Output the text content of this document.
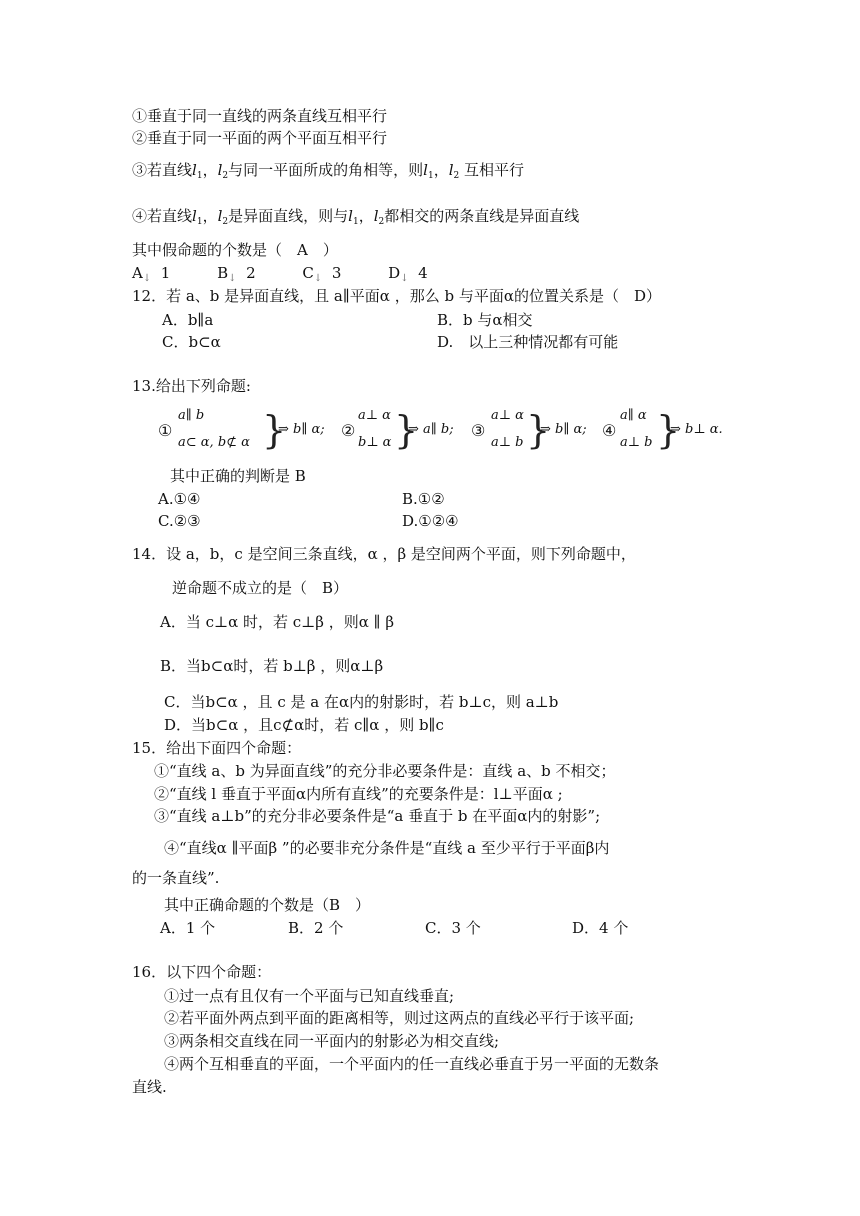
①垂直于同一直线的两条直线互相平行
②垂直于同一平面的两个平面互相平行
③若直线$l_1$，$l_2$与同一平面所成的角相等，则$l_1$，$l_2$ 互相平行
④若直线$l_1$，$l_2$是异面直线，则与$l_1$，$l_2$都相交的两条直线是异面直线
其中假命题的个数是（　A　）
$A_↓$ 1	$B_↓$ 2	$C_↓$ 3	$D_↓$ 4
12．若 a、b 是异面直线，且 a∥平面α ，那么 b 与平面α的位置关系是（　D）
A．b∥a	B．b 与α相交
C．b⊂α	D.　以上三种情况都有可能
13.给出下列命题:
①
a∥ b
a⊂ α, b⊄ α }
⇒ b∥ α; ②
a⊥ α
b⊥ α }
⇒ a∥ b; ③
a⊥ α
a⊥ b }
⇒ b∥ α; ④
a∥ α
a⊥ b }
⇒ b⊥ α.
其中正确的判断是 B
A.①④	B.①②
C.②③	D.①②④
14．设 a，b，c 是空间三条直线，α ，β 是空间两个平面，则下列命题中，
逆命题不成立的是（　B）
A．当 c⊥α 时，若 c⊥β ，则α ∥ β
B．当b⊂α时，若 b⊥β ，则α⊥β
C．当b⊂α ，且 c 是 a 在α内的射影时，若 b⊥c，则 a⊥b
D．当b⊂α ，且c⊄α时，若 c∥α ，则 b∥c
15．给出下面四个命题：
①“直线 a、b 为异面直线”的充分非必要条件是：直线 a、b 不相交；
②“直线 l 垂直于平面α内所有直线”的充要条件是：l⊥平面α ;
③“直线 a⊥b”的充分非必要条件是“a 垂直于 b 在平面α内的射影”;
④“直线α ∥平面β ”的必要非充分条件是“直线 a 至少平行于平面β内
的一条直线”.
其中正确命题的个数是（B　）
A．1 个	B．2 个	C．3 个	D．4 个
16．以下四个命题：
①过一点有且仅有一个平面与已知直线垂直;
②若平面外两点到平面的距离相等，则过这两点的直线必平行于该平面;
③两条相交直线在同一平面内的射影必为相交直线;
④两个互相垂直的平面，一个平面内的任一直线必垂直于另一平面的无数条
直线.
